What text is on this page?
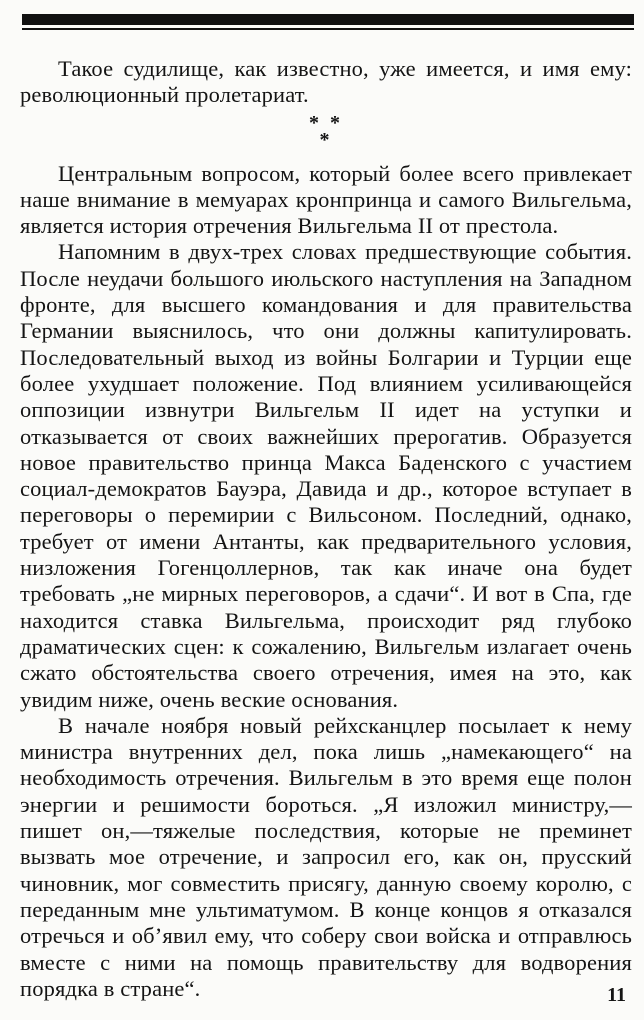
Такое судилище, как известно, уже имеется, и имя ему: революционный пролетариат.

* *
*

Центральным вопросом, который более всего привлекает наше внимание в мемуарах кронпринца и самого Вильгельма, является история отречения Вильгельма II от престола.

Напомним в двух-трех словах предшествующие события. После неудачи большого июльского наступления на Западном фронте, для высшего командования и для правительства Германии выяснилось, что они должны капитулировать. Последовательный выход из войны Болгарии и Турции еще более ухудшает положение. Под влиянием усиливающейся оппозиции извнутри Вильгельм II идет на уступки и отказывается от своих важнейших прерогатив. Образуется новое правительство принца Макса Баденского с участием социал-демократов Бауэра, Давида и др., которое вступает в переговоры о перемирии с Вильсоном. Последний, однако, требует от имени Антанты, как предварительного условия, низложения Гогенцоллернов, так как иначе она будет требовать „не мирных переговоров, а сдачи“. И вот в Спа, где находится ставка Вильгельма, происходит ряд глубоко драматических сцен: к сожалению, Вильгельм излагает очень сжато обстоятельства своего отречения, имея на это, как увидим ниже, очень веские основания.

В начале ноября новый рейхсканцлер посылает к нему министра внутренних дел, пока лишь „намекающего“ на необходимость отречения. Вильгельм в это время еще полон энергии и решимости бороться. „Я изложил министру,—пишет он,—тяжелые последствия, которые не преминет вызвать мое отречение, и запросил его, как он, прусский чиновник, мог совместить присягу, данную своему королю, с переданным мне ультиматумом. В конце концов я отказался отречься и об’явил ему, что соберу свои войска и отправлюсь вместе с ними на помощь правительству для водворения порядка в стране“.	11
